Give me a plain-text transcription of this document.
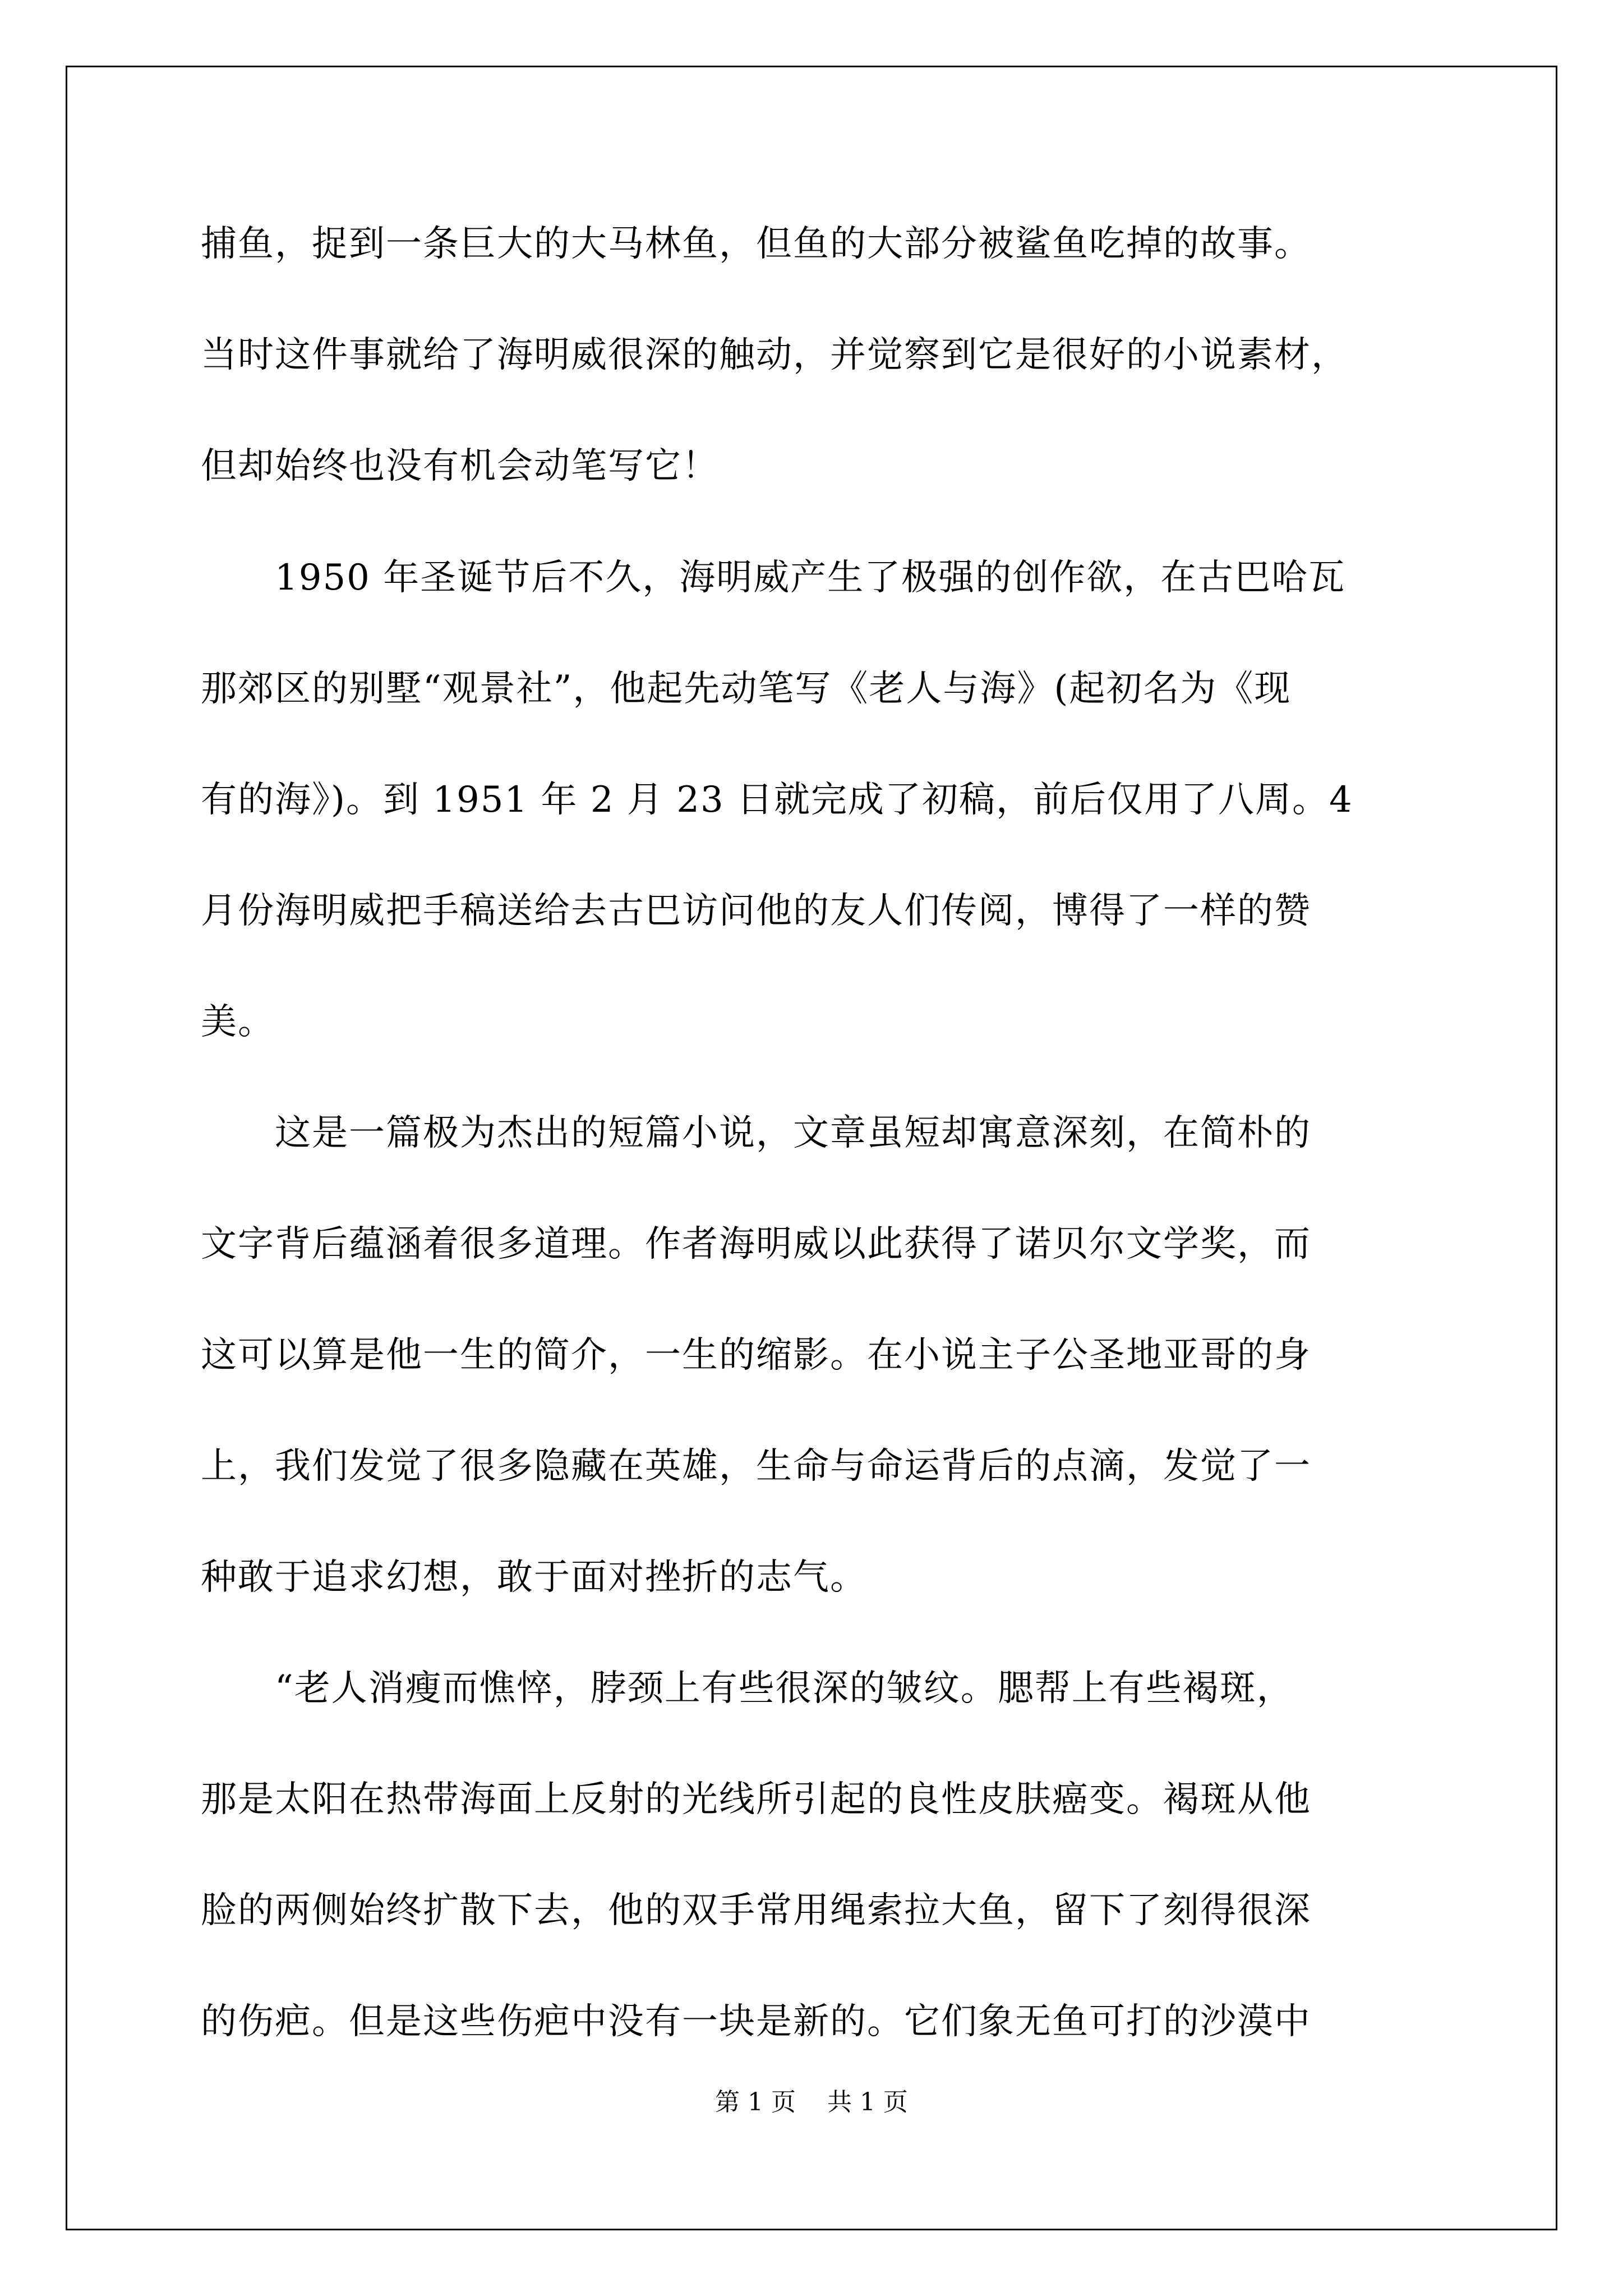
捕鱼，捉到一条巨大的大马林鱼，但鱼的大部分被鲨鱼吃掉的故事。
当时这件事就给了海明威很深的触动，并觉察到它是很好的小说素材，
但却始终也没有机会动笔写它！
1950 年圣诞节后不久，海明威产生了极强的创作欲，在古巴哈瓦
那郊区的别墅“观景社”，他起先动笔写《老人与海》(起初名为《现
有的海》)。到 1951 年 2 月 23 日就完成了初稿，前后仅用了八周。4
月份海明威把手稿送给去古巴访问他的友人们传阅，博得了一样的赞
美。
这是一篇极为杰出的短篇小说，文章虽短却寓意深刻，在简朴的
文字背后蕴涵着很多道理。作者海明威以此获得了诺贝尔文学奖，而
这可以算是他一生的简介，一生的缩影。在小说主子公圣地亚哥的身
上，我们发觉了很多隐藏在英雄，生命与命运背后的点滴，发觉了一
种敢于追求幻想，敢于面对挫折的志气。
“老人消瘦而憔悴，脖颈上有些很深的皱纹。腮帮上有些褐斑，
那是太阳在热带海面上反射的光线所引起的良性皮肤癌变。褐斑从他
脸的两侧始终扩散下去，他的双手常用绳索拉大鱼，留下了刻得很深
的伤疤。但是这些伤疤中没有一块是新的。它们象无鱼可打的沙漠中
第 1 页    共 1 页
